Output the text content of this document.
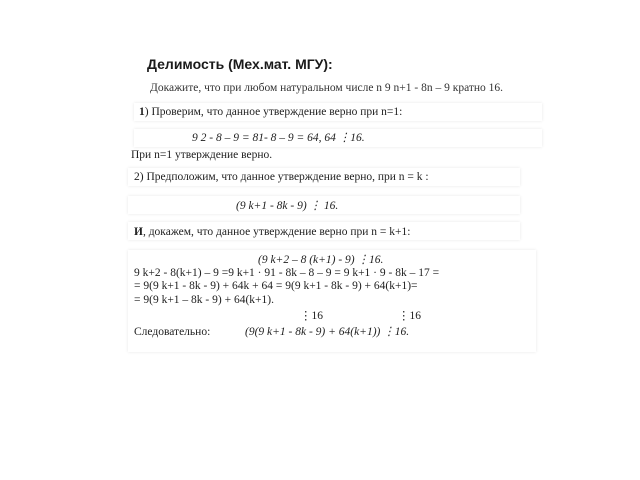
Делимость (Мех.мат. МГУ):
Докажите, что при любом натуральном числе n 9 n+1 - 8n – 9 кратно 16.
1) Проверим, что данное утверждение верно при n=1:
9 2 - 8 – 9 = 81- 8 – 9 = 64, 64 ⋮16.
При n=1 утверждение верно.
2) Предположим, что данное утверждение верно, при n = k :
(9 k+1 - 8k - 9) ⋮ 16.
И, докажем, что данное утверждение верно при n = k+1:
(9 k+2 – 8 (k+1) - 9) ⋮16.
9 k+2 - 8(k+1) – 9 =9 k+1 · 91 - 8k – 8 – 9 = 9 k+1 · 9 - 8k – 17 =
= 9(9 k+1 - 8k - 9) + 64k + 64 = 9(9 k+1 - 8k - 9) + 64(k+1)=
= 9(9 k+1 – 8k - 9) + 64(k+1).
⋮16	⋮16
Следовательно:	(9(9 k+1 - 8k - 9) + 64(k+1)) ⋮16.
